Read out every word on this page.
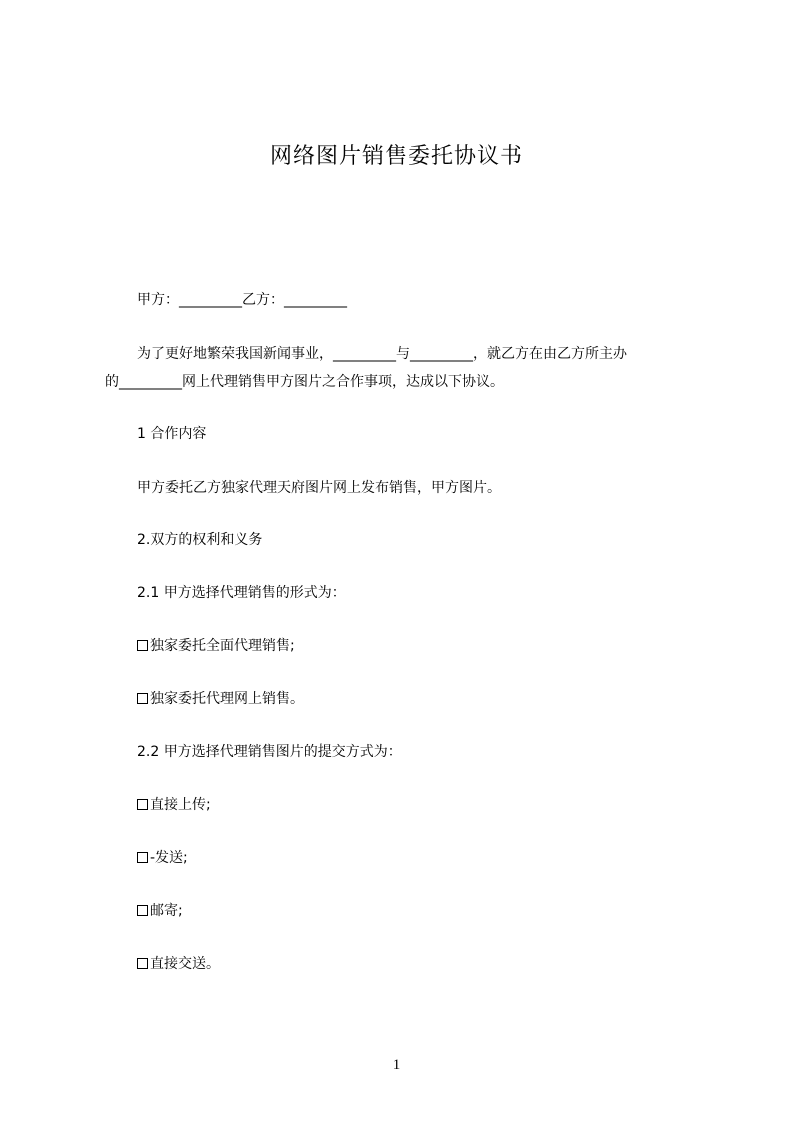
网络图片销售委托协议书
甲方：_________乙方：_________
为了更好地繁荣我国新闻事业，_________与_________，就乙方在由乙方所主办
的_________网上代理销售甲方图片之合作事项，达成以下协议。
1 合作内容
甲方委托乙方独家代理天府图片网上发布销售，甲方图片。
2.双方的权利和义务
2.1 甲方选择代理销售的形式为：
独家委托全面代理销售;
独家委托代理网上销售。
2.2 甲方选择代理销售图片的提交方式为：
直接上传;
-发送;
邮寄;
直接交送。
1
